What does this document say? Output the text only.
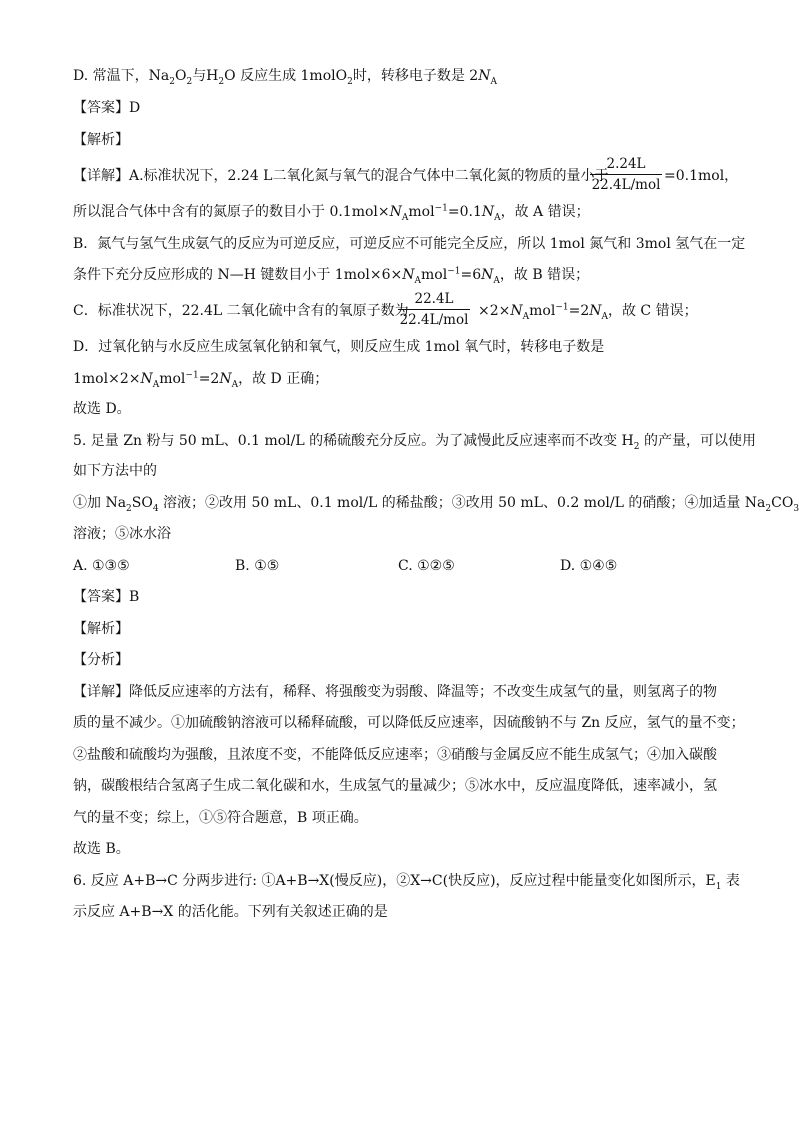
D. 常温下，$Na_2O_2$与$H_2O$ 反应生成 1molO$_2$时，转移电子数是 $2N_A$
【答案】D
【解析】
【详解】A.标准状况下，2.24 L二氧化氮与氧气的混合气体中二氧化氮的物质的量小于
2.24L
22.4L/mol
=0.1mol，
所以混合气体中含有的氮原子的数目小于 $0.1mol\times N_Amol^{-1}=0.1N_A$，故 A 错误；
B．氮气与氢气生成氨气的反应为可逆反应，可逆反应不可能完全反应，所以 1mol 氮气和 3mol 氢气在一定
条件下充分反应形成的 N—H 键数目小于 $1mol\times 6\times N_Amol^{-1}=6N_A$，故 B 错误；
C．标准状况下，22.4L 二氧化硫中含有的氧原子数为
22.4L
22.4L/mol
$\times 2\times N_Amol^{-1}=2N_A$，故 C 错误；
D．过氧化钠与水反应生成氢氧化钠和氧气，则反应生成 1mol 氧气时，转移电子数是
$1mol\times 2\times N_Amol^{-1}=2N_A$，故 D 正确；
故选 D。
5. 足量 Zn 粉与 50 mL、0.1 mol/L 的稀硫酸充分反应。为了减慢此反应速率而不改变 $H_2$ 的产量，可以使用
如下方法中的
①加 $Na_2SO_4$ 溶液；②改用 50 mL、0.1 mol/L 的稀盐酸；③改用 50 mL、0.2 mol/L 的硝酸；④加适量 $Na_2CO_3$
溶液；⑤冰水浴
A. ①③⑤	B. ①⑤	C. ①②⑤	D. ①④⑤
【答案】B
【解析】
【分析】
【详解】降低反应速率的方法有，稀释、将强酸变为弱酸、降温等；不改变生成氢气的量，则氢离子的物
质的量不减少。①加硫酸钠溶液可以稀释硫酸，可以降低反应速率，因硫酸钠不与 Zn 反应，氢气的量不变；
②盐酸和硫酸均为强酸，且浓度不变，不能降低反应速率；③硝酸与金属反应不能生成氢气；④加入碳酸
钠，碳酸根结合氢离子生成二氧化碳和水，生成氢气的量减少；⑤冰水中，反应温度降低，速率减小，氢
气的量不变；综上，①⑤符合题意，B 项正确。
故选 B。
6. 反应 A+B→C 分两步进行: ①A+B→X(慢反应)，②X→C(快反应)，反应过程中能量变化如图所示，$E_1$ 表
示反应 A+B→X 的活化能。下列有关叙述正确的是
